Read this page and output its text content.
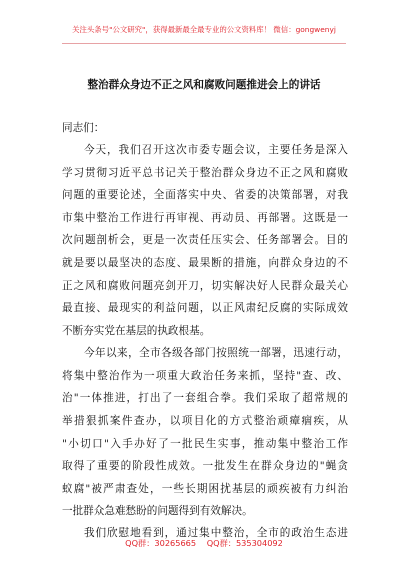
关注头条号"公文研究"，获得最新最全最专业的公文资料库！ 微信：gongwenyj
整治群众身边不正之风和腐败问题推进会上的讲话
同志们：
今天，我们召开这次市委专题会议，主要任务是深入
学习贯彻习近平总书记关于整治群众身边不正之风和腐败
问题的重要论述，全面落实中央、省委的决策部署，对我
市集中整治工作进行再审视、再动员、再部署。这既是一
次问题剖析会，更是一次责任压实会、任务部署会。目的
就是要以最坚决的态度、最果断的措施，向群众身边的不
正之风和腐败问题亮剑开刀，切实解决好人民群众最关心
最直接、最现实的利益问题，以正风肃纪反腐的实际成效
不断夯实党在基层的执政根基。
今年以来，全市各级各部门按照统一部署，迅速行动，
将集中整治作为一项重大政治任务来抓，坚持"查、改、
治"一体推进，打出了一套组合拳。我们采取了超常规的
举措狠抓案件查办，以项目化的方式整治顽瘴痼疾，从
"小切口"入手办好了一批民生实事，推动集中整治工作
取得了重要的阶段性成效。一批发生在群众身边的"蝇贪
蚁腐"被严肃查处，一些长期困扰基层的顽疾被有力纠治
一批群众急难愁盼的问题得到有效解决。
我们欣慰地看到，通过集中整治，全市的政治生态进
QQ群：30265665 QQ群：535304092
